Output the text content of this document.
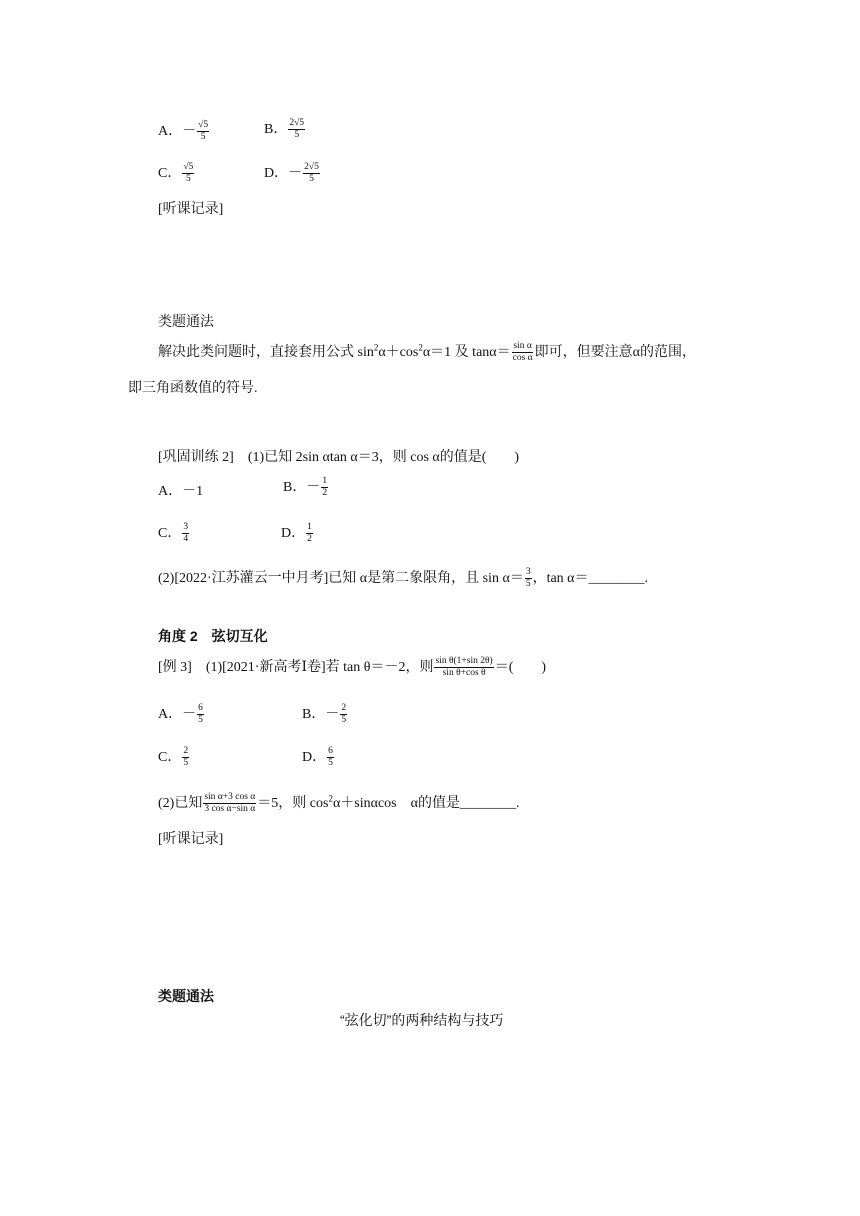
A．－ $\frac{√5}{5}$	B． $\frac{2√5}{5}$
C． $\frac{√5}{5}$	D．－ $\frac{2√5}{5}$
[听课记录]
类题通法
解决此类问题时，直接套用公式 $\sin^2\alpha+\cos^2\alpha=1$ 及 $\tan\alpha= \frac{\text{sin α}}{\text{cos α}}$ 即可，但要注意α的范围，
即三角函数值的符号.
[巩固训练 2]　(1)已知 2sin αtan α＝3，则 cos α的值是(　　)
A．－1	B．－ $\frac{1}{2}$
C． $\frac{3}{4}$	D． $\frac{1}{2}$
(2)[2022·江苏灌云一中月考]已知 α是第二象限角，且 $\sin \alpha= \frac{3}{5}$ ，tan α＝________.
角度 2　弦切互化
[例 3]　(1)[2021·新高考Ⅰ卷]若 tan θ＝－2，则 $\frac{\text{sin θ(1+sin 2θ)}}{\text{sin θ+cos θ}}$ ＝(　　)
A．－ $\frac{6}{5}$	B．－ $\frac{2}{5}$
C． $\frac{2}{5}$	D． $\frac{6}{5}$
(2)已知 $\frac{\text{sin α+3 cos α}}{\text{3 cos α−sin α}} =5$，则 $\cos^2\alpha+\sin\alpha\cos$　α的值是________.
[听课记录]
类题通法
“弦化切”的两种结构与技巧
